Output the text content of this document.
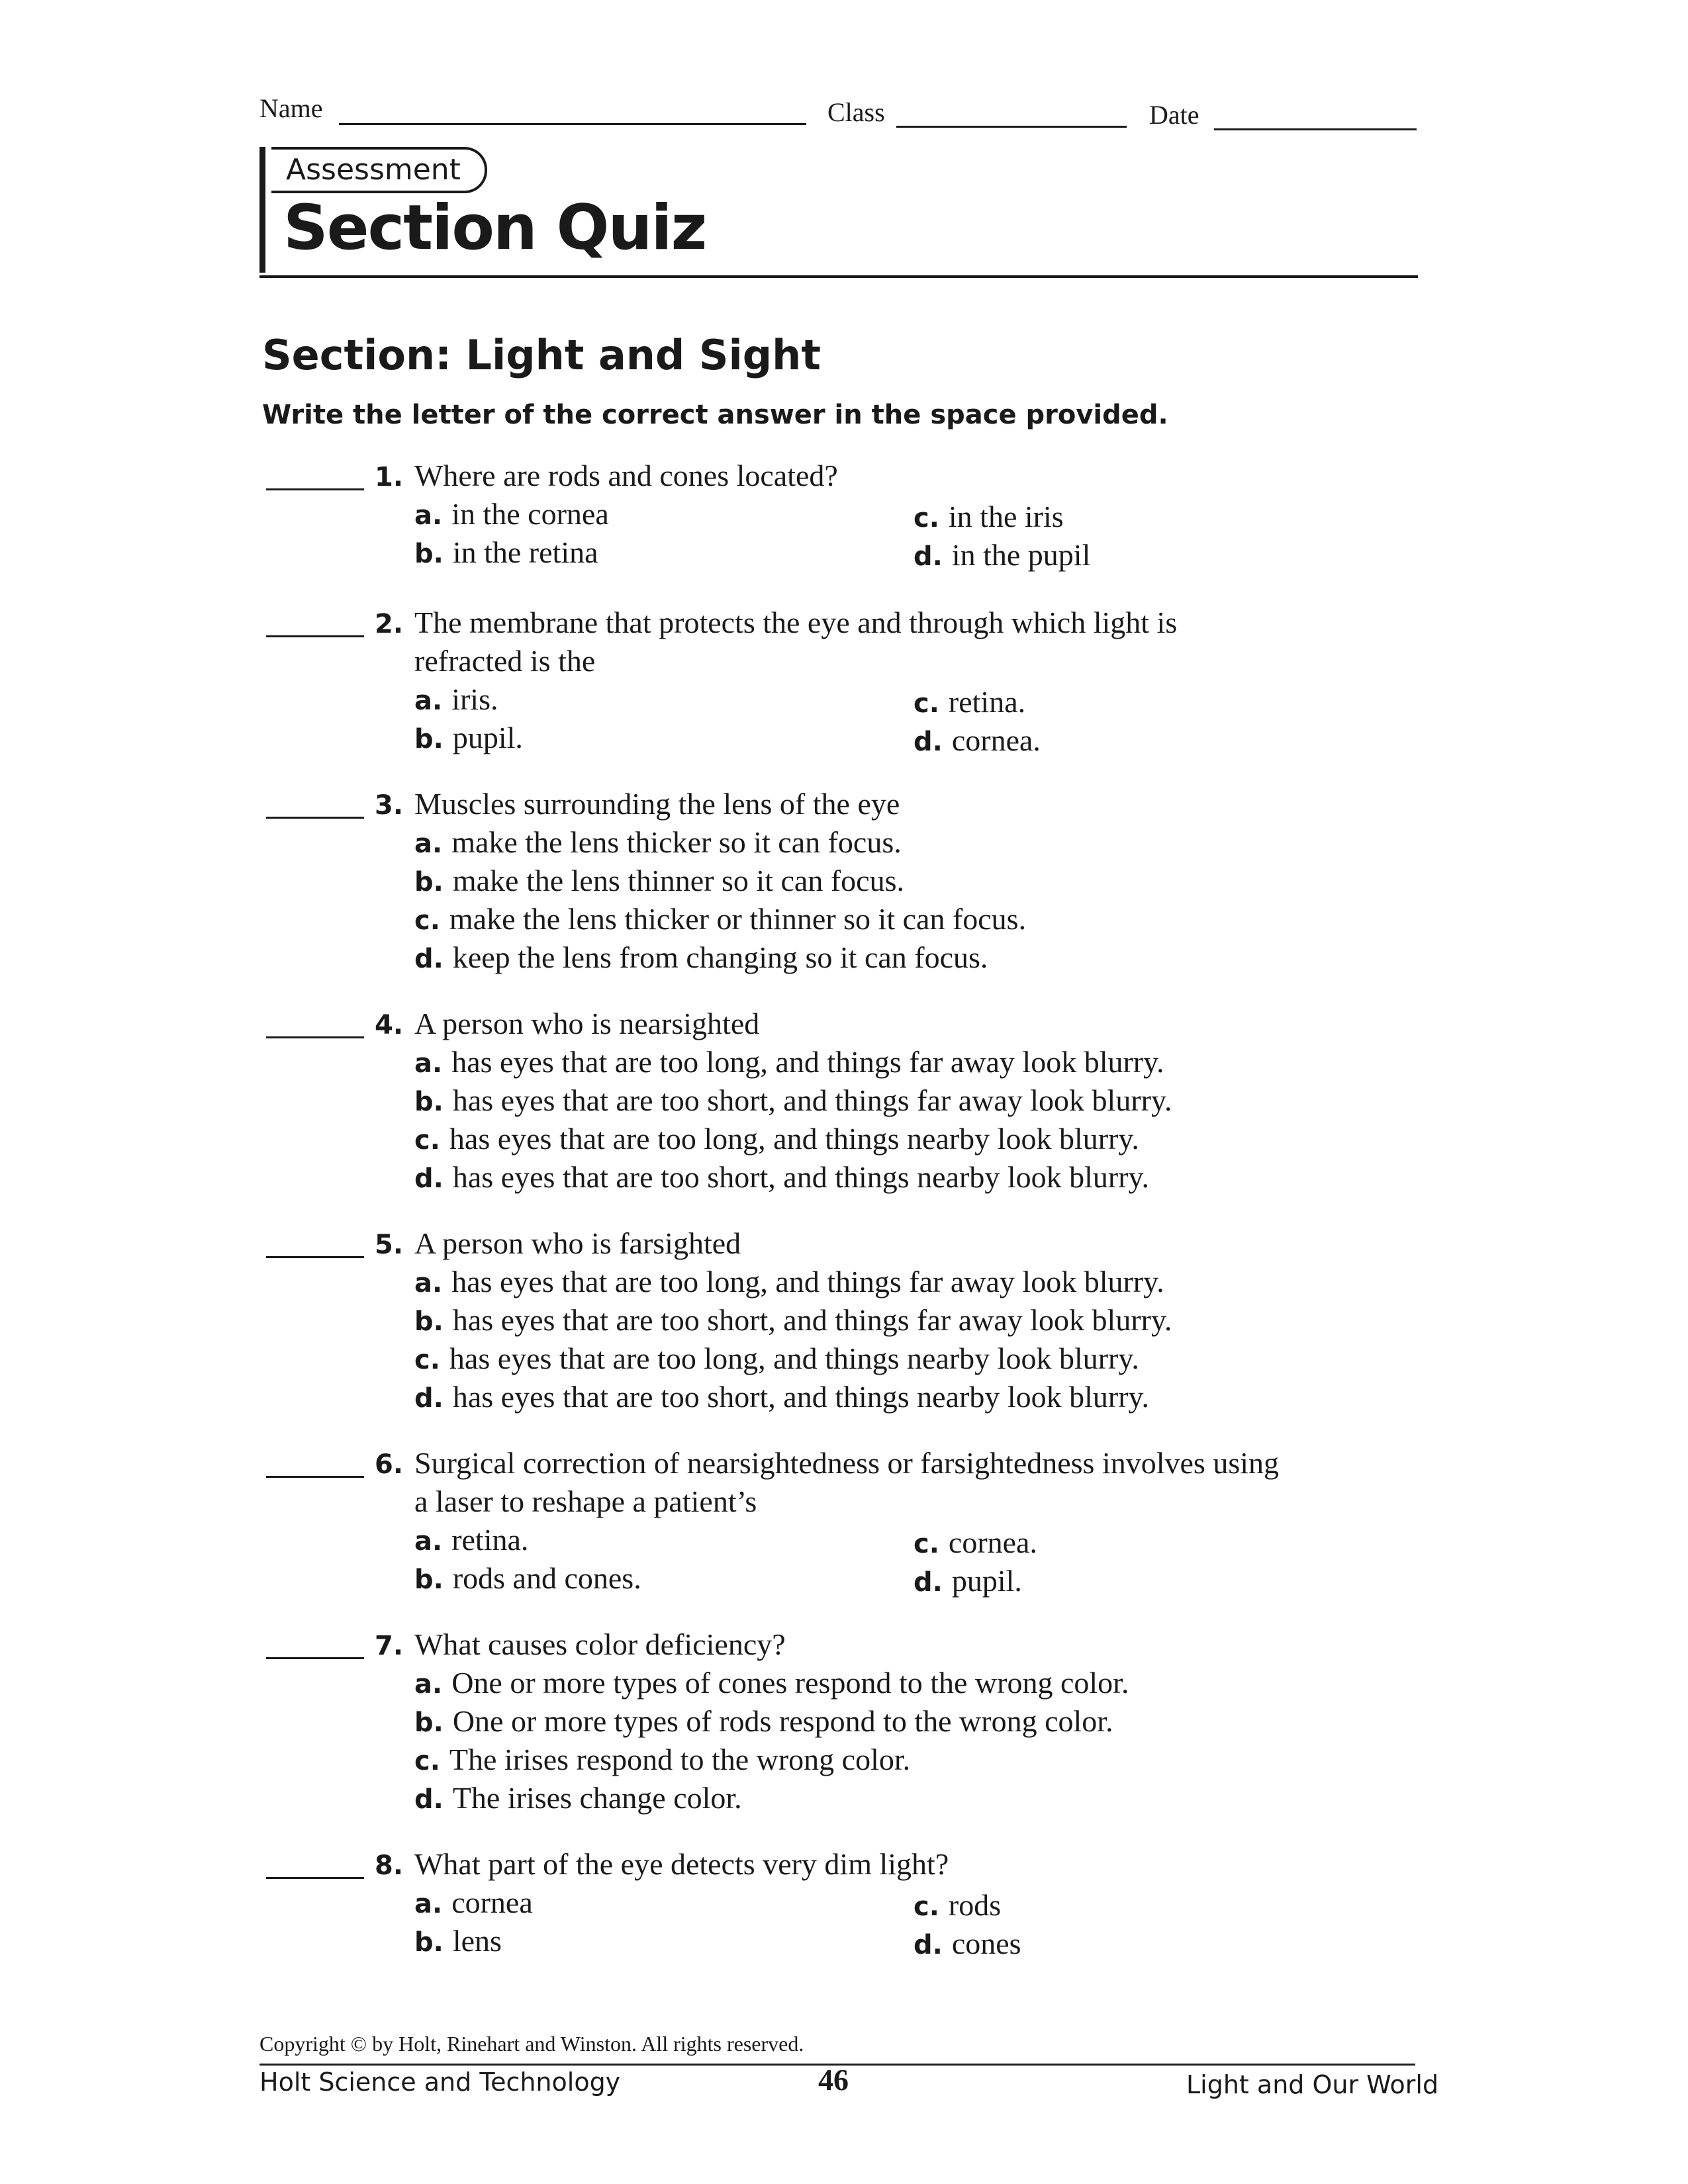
Name	Class	Date
Assessment
Section Quiz
Section: Light and Sight
Write the letter of the correct answer in the space provided.
1. Where are rods and cones located?
a. in the cornea
b. in the retina
c. in the iris
d. in the pupil
2. The membrane that protects the eye and through which light is
refracted is the
a. iris.
b. pupil.
c. retina.
d. cornea.
3. Muscles surrounding the lens of the eye
a. make the lens thicker so it can focus.
b. make the lens thinner so it can focus.
c. make the lens thicker or thinner so it can focus.
d. keep the lens from changing so it can focus.
4. A person who is nearsighted
a. has eyes that are too long, and things far away look blurry.
b. has eyes that are too short, and things far away look blurry.
c. has eyes that are too long, and things nearby look blurry.
d. has eyes that are too short, and things nearby look blurry.
5. A person who is farsighted
a. has eyes that are too long, and things far away look blurry.
b. has eyes that are too short, and things far away look blurry.
c. has eyes that are too long, and things nearby look blurry.
d. has eyes that are too short, and things nearby look blurry.
6. Surgical correction of nearsightedness or farsightedness involves using
a laser to reshape a patient’s
a. retina.
b. rods and cones.
c. cornea.
d. pupil.
7. What causes color deficiency?
a. One or more types of cones respond to the wrong color.
b. One or more types of rods respond to the wrong color.
c. The irises respond to the wrong color.
d. The irises change color.
8. What part of the eye detects very dim light?
a. cornea
b. lens
c. rods
d. cones
Copyright © by Holt, Rinehart and Winston. All rights reserved.
Holt Science and Technology	46	Light and Our World
